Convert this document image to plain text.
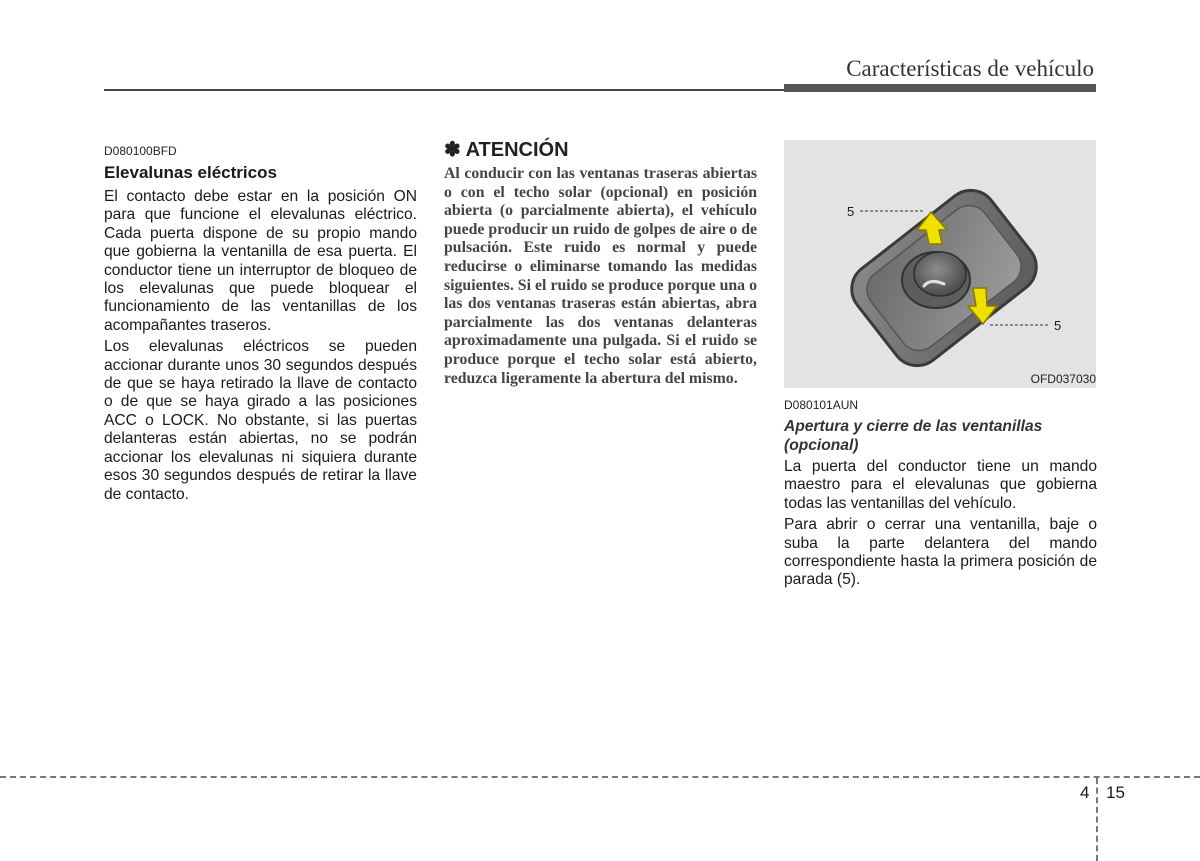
Características de vehículo
D080100BFD
Elevalunas eléctricos

El contacto debe estar en la posición ON para que funcione el elevalunas eléctrico. Cada puerta dispone de su propio mando que gobierna la ventanilla de esa puerta. El conductor tiene un interruptor de bloqueo de los elevalunas que puede bloquear el funcionamiento de las ventanillas de los acompañantes traseros.

Los elevalunas eléctricos se pueden accionar durante unos 30 segundos después de que se haya retirado la llave de contacto o de que se haya girado a las posiciones ACC o LOCK. No obstante, si las puertas delanteras están abiertas, no se podrán accionar los elevalunas ni siquiera durante esos 30 segundos después de retirar la llave de contacto.

✽ ATENCIÓN

Al conducir con las ventanas traseras abiertas o con el techo solar (opcional) en posición abierta (o parcialmente abierta), el vehículo puede producir un ruido de golpes de aire o de pulsación. Este ruido es normal y puede reducirse o eliminarse tomando las medidas siguientes. Si el ruido se produce porque una o las dos ventanas traseras están abiertas, abra parcialmente las dos ventanas delanteras aproximadamente una pulgada. Si el ruido se produce porque el techo solar está abierto, reduzca ligeramente la abertura del mismo.

5
5
OFD037030
D080101AUN
Apertura y cierre de las ventanillas (opcional)

La puerta del conductor tiene un mando maestro para el elevalunas que gobierna todas las ventanillas del vehículo.

Para abrir o cerrar una ventanilla, baje o suba la parte delantera del mando correspondiente hasta la primera posición de parada (5).

4 15
